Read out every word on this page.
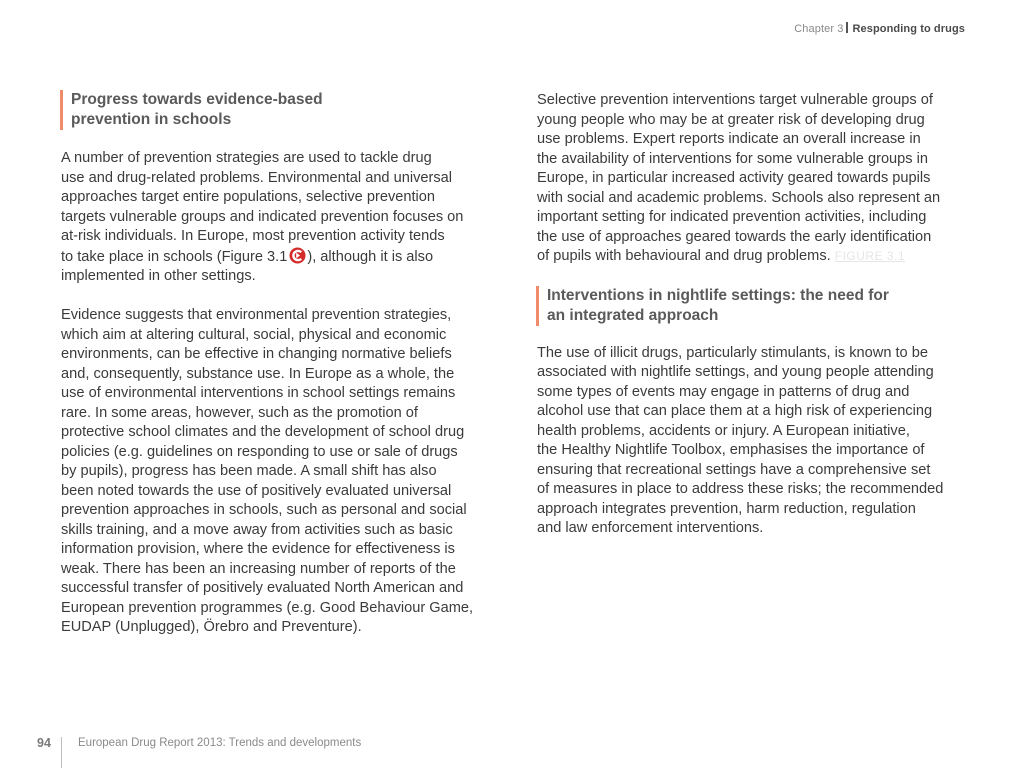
Chapter 3 Responding to drugs
Progress towards evidence-based
prevention in schools

A number of prevention strategies are used to tackle drug
use and drug-related problems. Environmental and universal
approaches target entire populations, selective prevention
targets vulnerable groups and indicated prevention focuses on
at-risk individuals. In Europe, most prevention activity tends
to take place in schools (Figure 3.1 ), although it is also
implemented in other settings.

Evidence suggests that environmental prevention strategies,
which aim at altering cultural, social, physical and economic
environments, can be effective in changing normative beliefs
and, consequently, substance use. In Europe as a whole, the
use of environmental interventions in school settings remains
rare. In some areas, however, such as the promotion of
protective school climates and the development of school drug
policies (e.g. guidelines on responding to use or sale of drugs
by pupils), progress has been made. A small shift has also
been noted towards the use of positively evaluated universal
prevention approaches in schools, such as personal and social
skills training, and a move away from activities such as basic
information provision, where the evidence for effectiveness is
weak. There has been an increasing number of reports of the
successful transfer of positively evaluated North American and
European prevention programmes (e.g. Good Behaviour Game,
EUDAP (Unplugged), Örebro and Preventure).

Selective prevention interventions target vulnerable groups of
young people who may be at greater risk of developing drug
use problems. Expert reports indicate an overall increase in
the availability of interventions for some vulnerable groups in
Europe, in particular increased activity geared towards pupils
with social and academic problems. Schools also represent an
important setting for indicated prevention activities, including
the use of approaches geared towards the early identification
of pupils with behavioural and drug problems. FIGURE 3.1

Interventions in nightlife settings: the need for
an integrated approach

The use of illicit drugs, particularly stimulants, is known to be
associated with nightlife settings, and young people attending
some types of events may engage in patterns of drug and
alcohol use that can place them at a high risk of experiencing
health problems, accidents or injury. A European initiative,
the Healthy Nightlife Toolbox, emphasises the importance of
ensuring that recreational settings have a comprehensive set
of measures in place to address these risks; the recommended
approach integrates prevention, harm reduction, regulation
and law enforcement interventions.

94 European Drug Report 2013: Trends and developments
